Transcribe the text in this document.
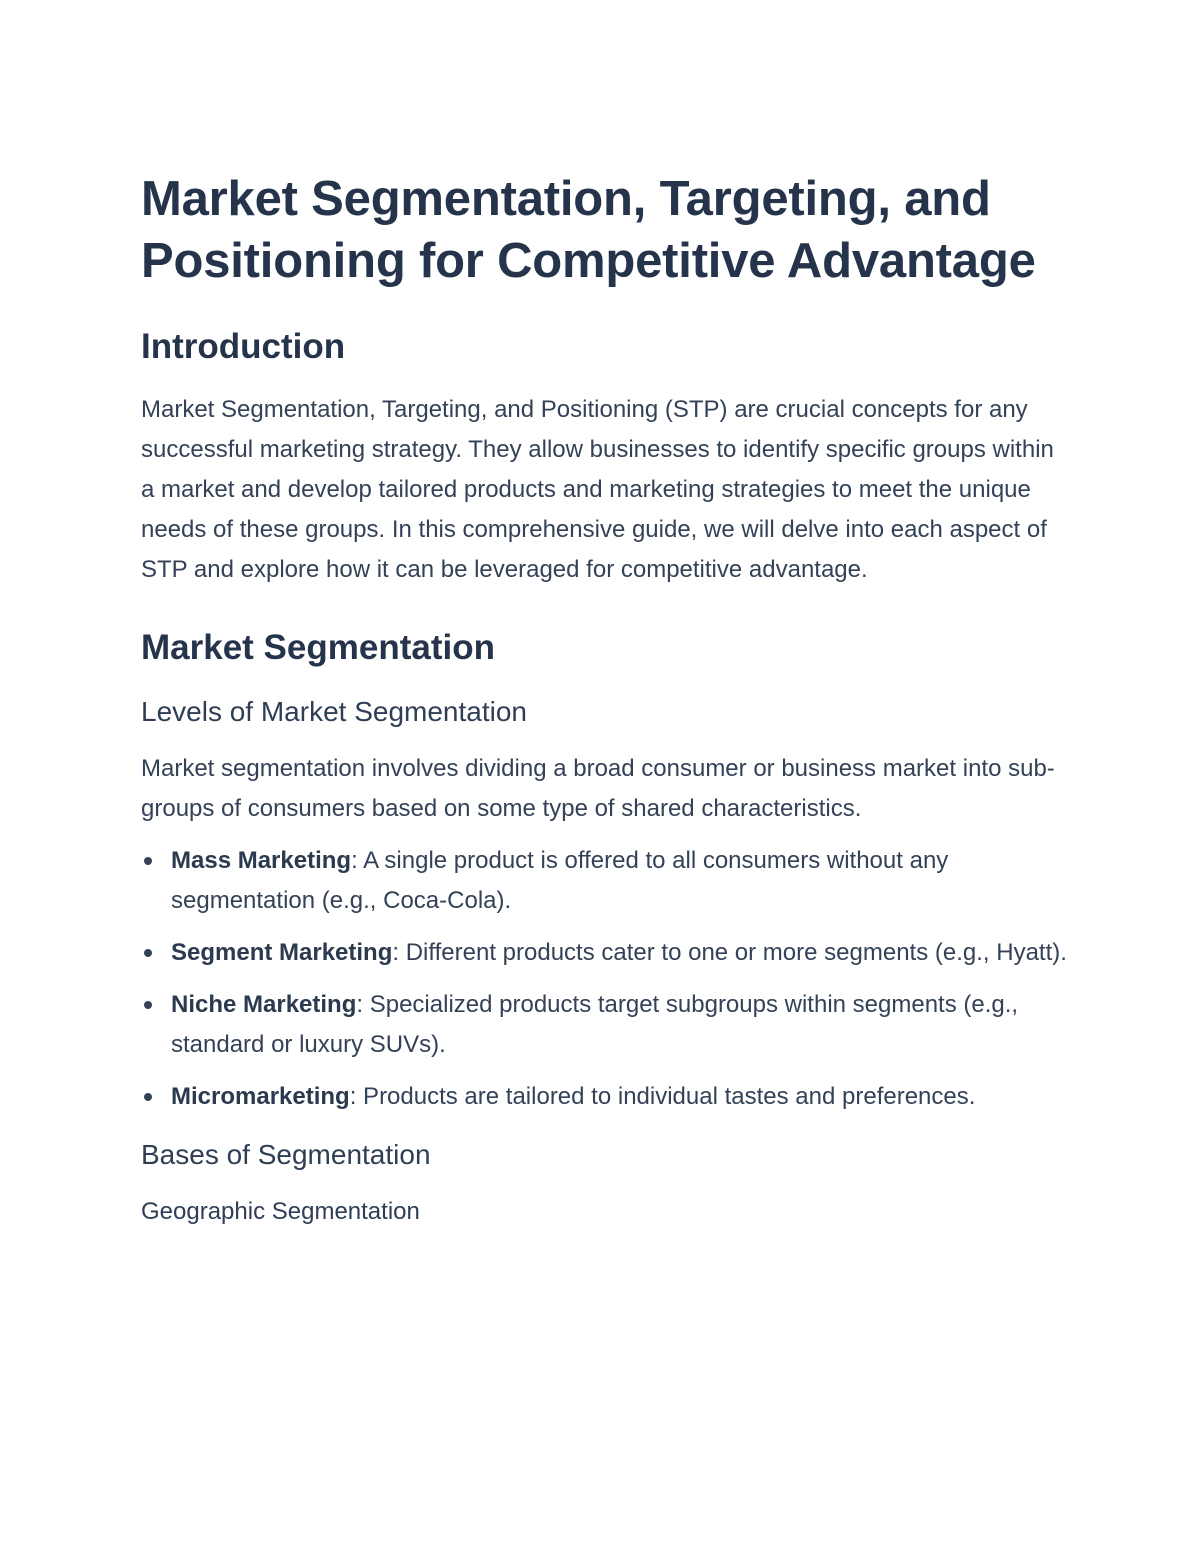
Market Segmentation, Targeting, and Positioning for Competitive Advantage
Introduction

Market Segmentation, Targeting, and Positioning (STP) are crucial concepts for any successful marketing strategy. They allow businesses to identify specific groups within a market and develop tailored products and marketing strategies to meet the unique needs of these groups. In this comprehensive guide, we will delve into each aspect of STP and explore how it can be leveraged for competitive advantage.

Market Segmentation
Levels of Market Segmentation

Market segmentation involves dividing a broad consumer or business market into sub-groups of consumers based on some type of shared characteristics.

Mass Marketing: A single product is offered to all consumers without any segmentation (e.g., Coca-Cola).
Segment Marketing: Different products cater to one or more segments (e.g., Hyatt).
Niche Marketing: Specialized products target subgroups within segments (e.g., standard or luxury SUVs).
Micromarketing: Products are tailored to individual tastes and preferences.
Bases of Segmentation
Geographic Segmentation
